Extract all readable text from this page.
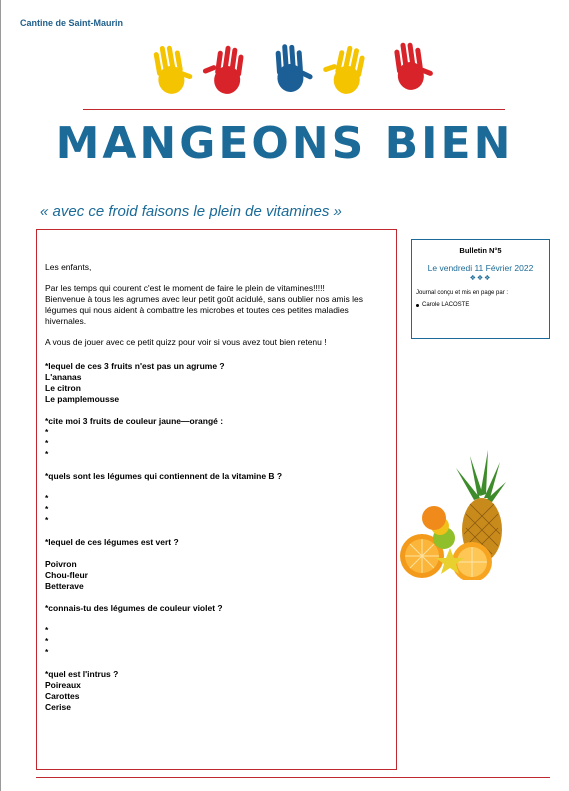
Cantine de Saint-Maurin
MANGEONS BIEN
« avec ce froid faisons le plein de vitamines »

Les enfants,

Par les temps qui courent c'est le moment de faire le plein de vitamines!!!!!

Bienvenue à tous les agrumes avec leur petit goût acidulé, sans oublier nos amis les légumes qui nous aident à combattre les microbes et toutes ces petites maladies hivernales.

A vous de jouer avec ce petit quizz pour voir si vous avez tout bien retenu !

*lequel de ces 3 fruits n'est pas un agrume ?

L'ananas

Le citron

Le pamplemousse

*cite moi 3 fruits de couleur jaune—orangé :

*

*

*

*quels sont les légumes qui contiennent de la vitamine B ?

*

*

*

*lequel de ces légumes est vert ?

Poivron

Chou-fleur

Betterave

*connais-tu des légumes de couleur violet ?

*

*

*

*quel est l'intrus ?

Poireaux

Carottes

Cerise

Bulletin N°5
Le vendredi 11 Février 2022
❖❖❖
Journal conçu et mis en page par :
Carole LACOSTE
